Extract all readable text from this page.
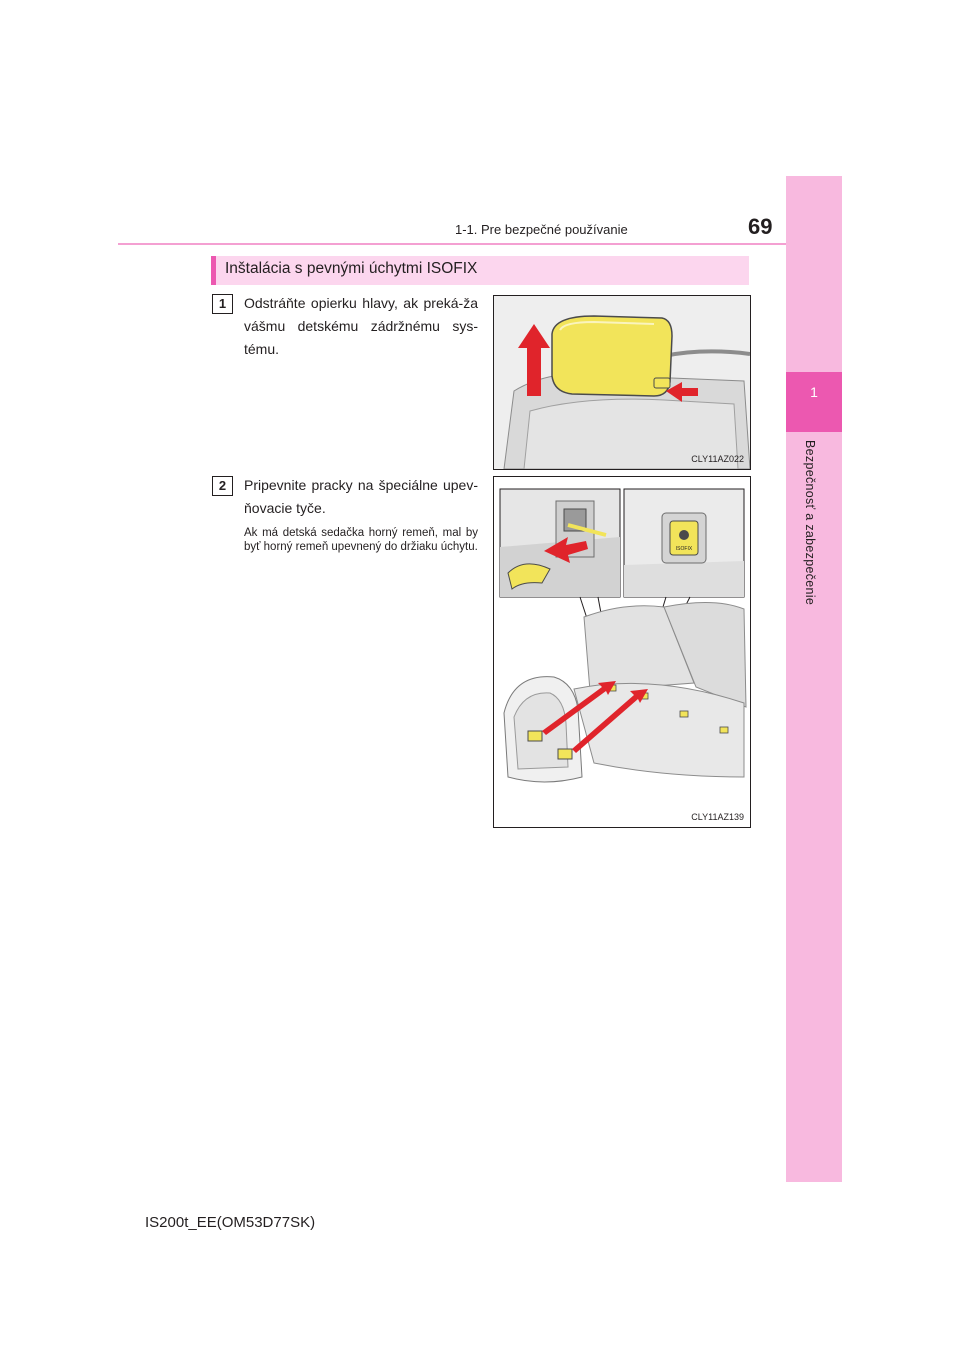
1-1. Pre bezpečné používanie	69
1
Bezpečnosť a zabezpečenie
Inštalácia s pevnými úchytmi ISOFIX
1	Odstráňte opierku hlavy, ak preká-ža vášmu detskému zádržnému sys-tému.
CLY11AZ022
2	Pripevnite pracky na špeciálne upev-ňovacie tyče.
Ak má detská sedačka horný remeň, mal by byť horný remeň upevnený do držiaku úchytu.	ISOFIX
CLY11AZ139
IS200t_EE(OM53D77SK)
